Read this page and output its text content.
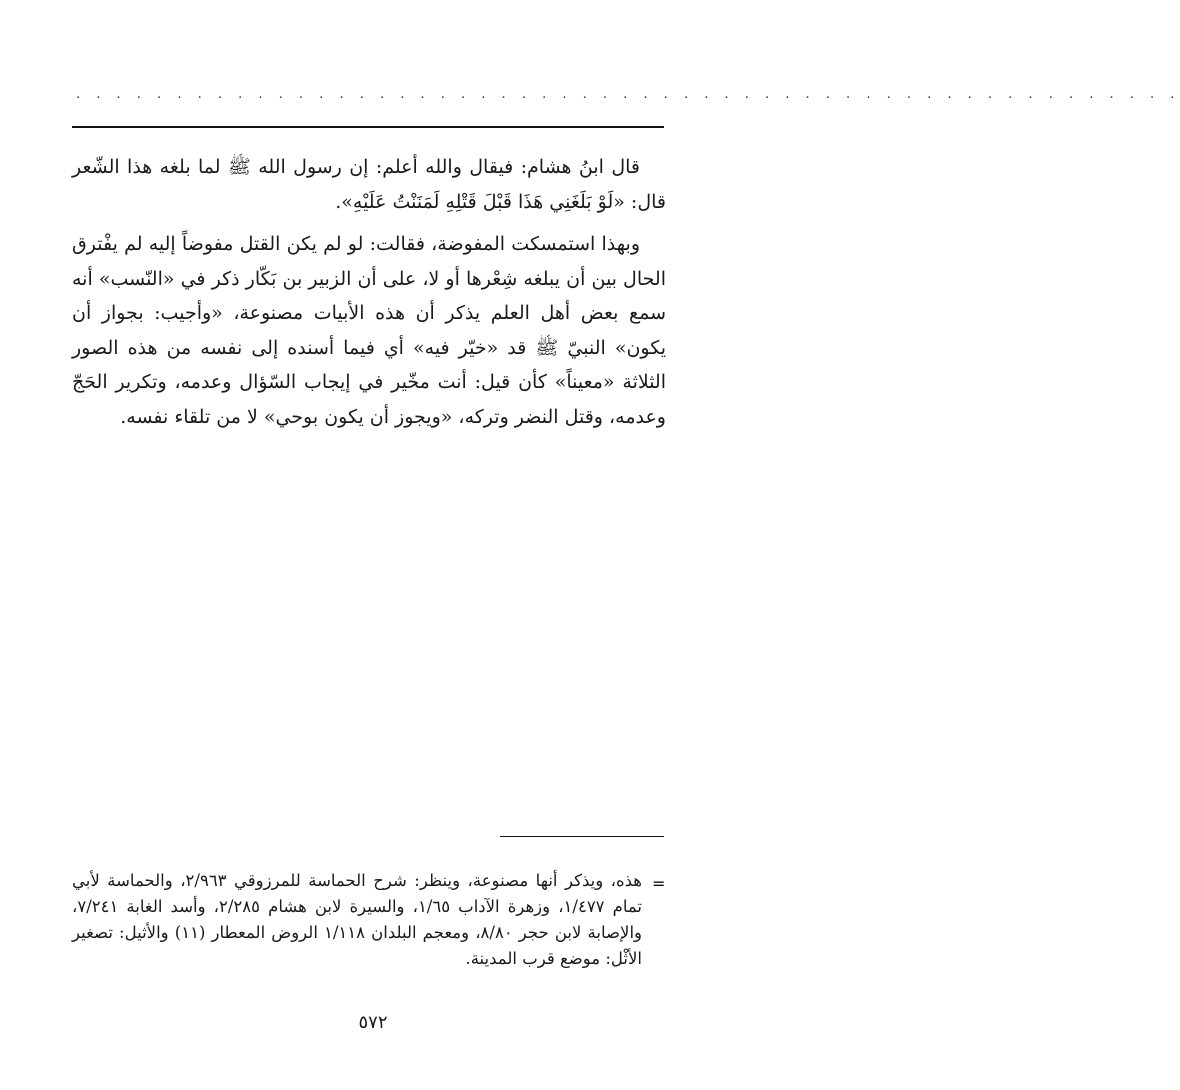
. . . . . . . . . . . . . . . . . . . . . . . . . . . . . . . . . . . . . . . . . . . . . . . . . . . . . . .

قال ابنُ هشام: فيقال والله أعلم: إن رسول الله ﷺ لما بلغه هذا الشّعر قال: «لَوْ بَلَغَنِي هَذَا قَبْلَ قَتْلِهِ لَمَنَنْتُ عَلَيْهِ».

وبهذا استمسكت المفوضة، فقالت: لو لم يكن القتل مفوضاً إليه لم يفْترق الحال بين أن يبلغه شِعْرها أو لا، على أن الزبير بن بَكّار ذكر في «النّسب» أنه سمع بعض أهل العلم يذكر أن هذه الأبيات مصنوعة، «وأجيب: بجواز أن يكون» النبيّ ﷺ قد «خيّر فيه» أي فيما أسنده إلى نفسه من هذه الصور الثلاثة «معيناً» كأن قيل: أنت مخّير في إيجاب السّؤال وعدمه، وتكرير الحَجّ وعدمه، وقتل النضر وتركه، «ويجوز أن يكون بوحي» لا من تلقاء نفسه.

=

هذه، ويذكر أنها مصنوعة، وينظر: شرح الحماسة للمرزوقي ٢/٩٦٣، والحماسة لأبي تمام ١/٤٧٧، وزهرة الآداب ١/٦٥، والسيرة لابن هشام ٢/٢٨٥، وأسد الغابة ٧/٢٤١، والإصابة لابن حجر ٨/٨٠، ومعجم البلدان ١/١١٨ الروض المعطار (١١) والأثيل: تصغير الأثْل: موضع قرب المدينة.

٥٧٢
